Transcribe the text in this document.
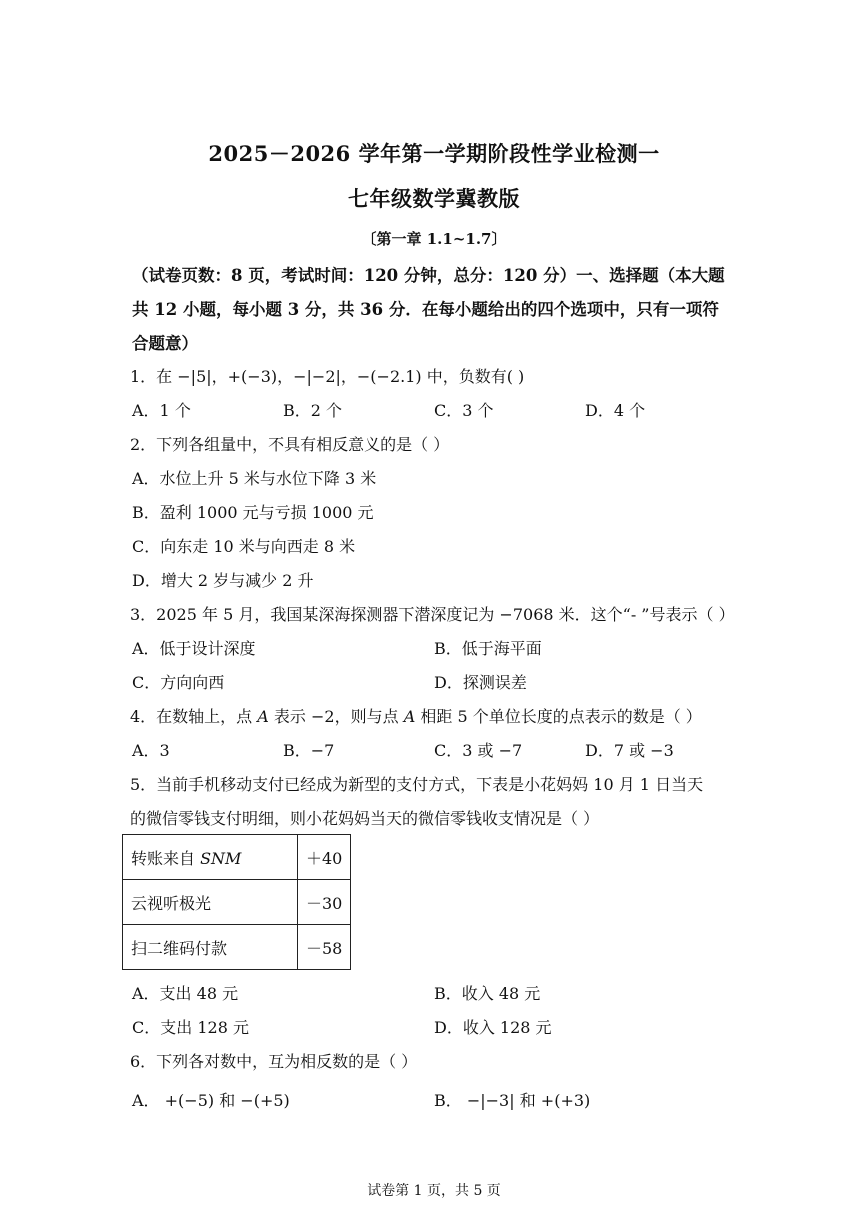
2025－2026 学年第一学期阶段性学业检测一
七年级数学冀教版
〔第一章 1.1~1.7〕
（试卷页数：8 页，考试时间：120 分钟，总分：120 分）一、选择题（本大题
共 12 小题，每小题 3 分，共 36 分．在每小题给出的四个选项中，只有一项符
合题意）
1．在 −|5|，+(−3)，−|−2|，−(−2.1) 中，负数有( )
A．1 个	B．2 个	C．3 个	D．4 个
2．下列各组量中，不具有相反意义的是（ ）
A．水位上升 5 米与水位下降 3 米
B．盈利 1000 元与亏损 1000 元
C．向东走 10 米与向西走 8 米
D．增大 2 岁与减少 2 升
3．2025 年 5 月，我国某深海探测器下潜深度记为 −7068 米．这个“- ”号表示（ ）
A．低于设计深度	B．低于海平面
C．方向向西	D．探测误差
4．在数轴上，点 A 表示 −2，则与点 A 相距 5 个单位长度的点表示的数是（ ）
A．3	B．−7	C．3 或 −7	D．7 或 −3
5．当前手机移动支付已经成为新型的支付方式，下表是小花妈妈 10 月 1 日当天
的微信零钱支付明细，则小花妈妈当天的微信零钱收支情况是（ ）
转账来自 SNM	＋40
云视听极光	－30
扫二维码付款	－58
A．支出 48 元	B．收入 48 元
C．支出 128 元	D．收入 128 元
6．下列各对数中，互为相反数的是（ ）
A． +(−5) 和 −(+5)	B． −|−3| 和 +(+3)
试卷第 1 页，共 5 页
